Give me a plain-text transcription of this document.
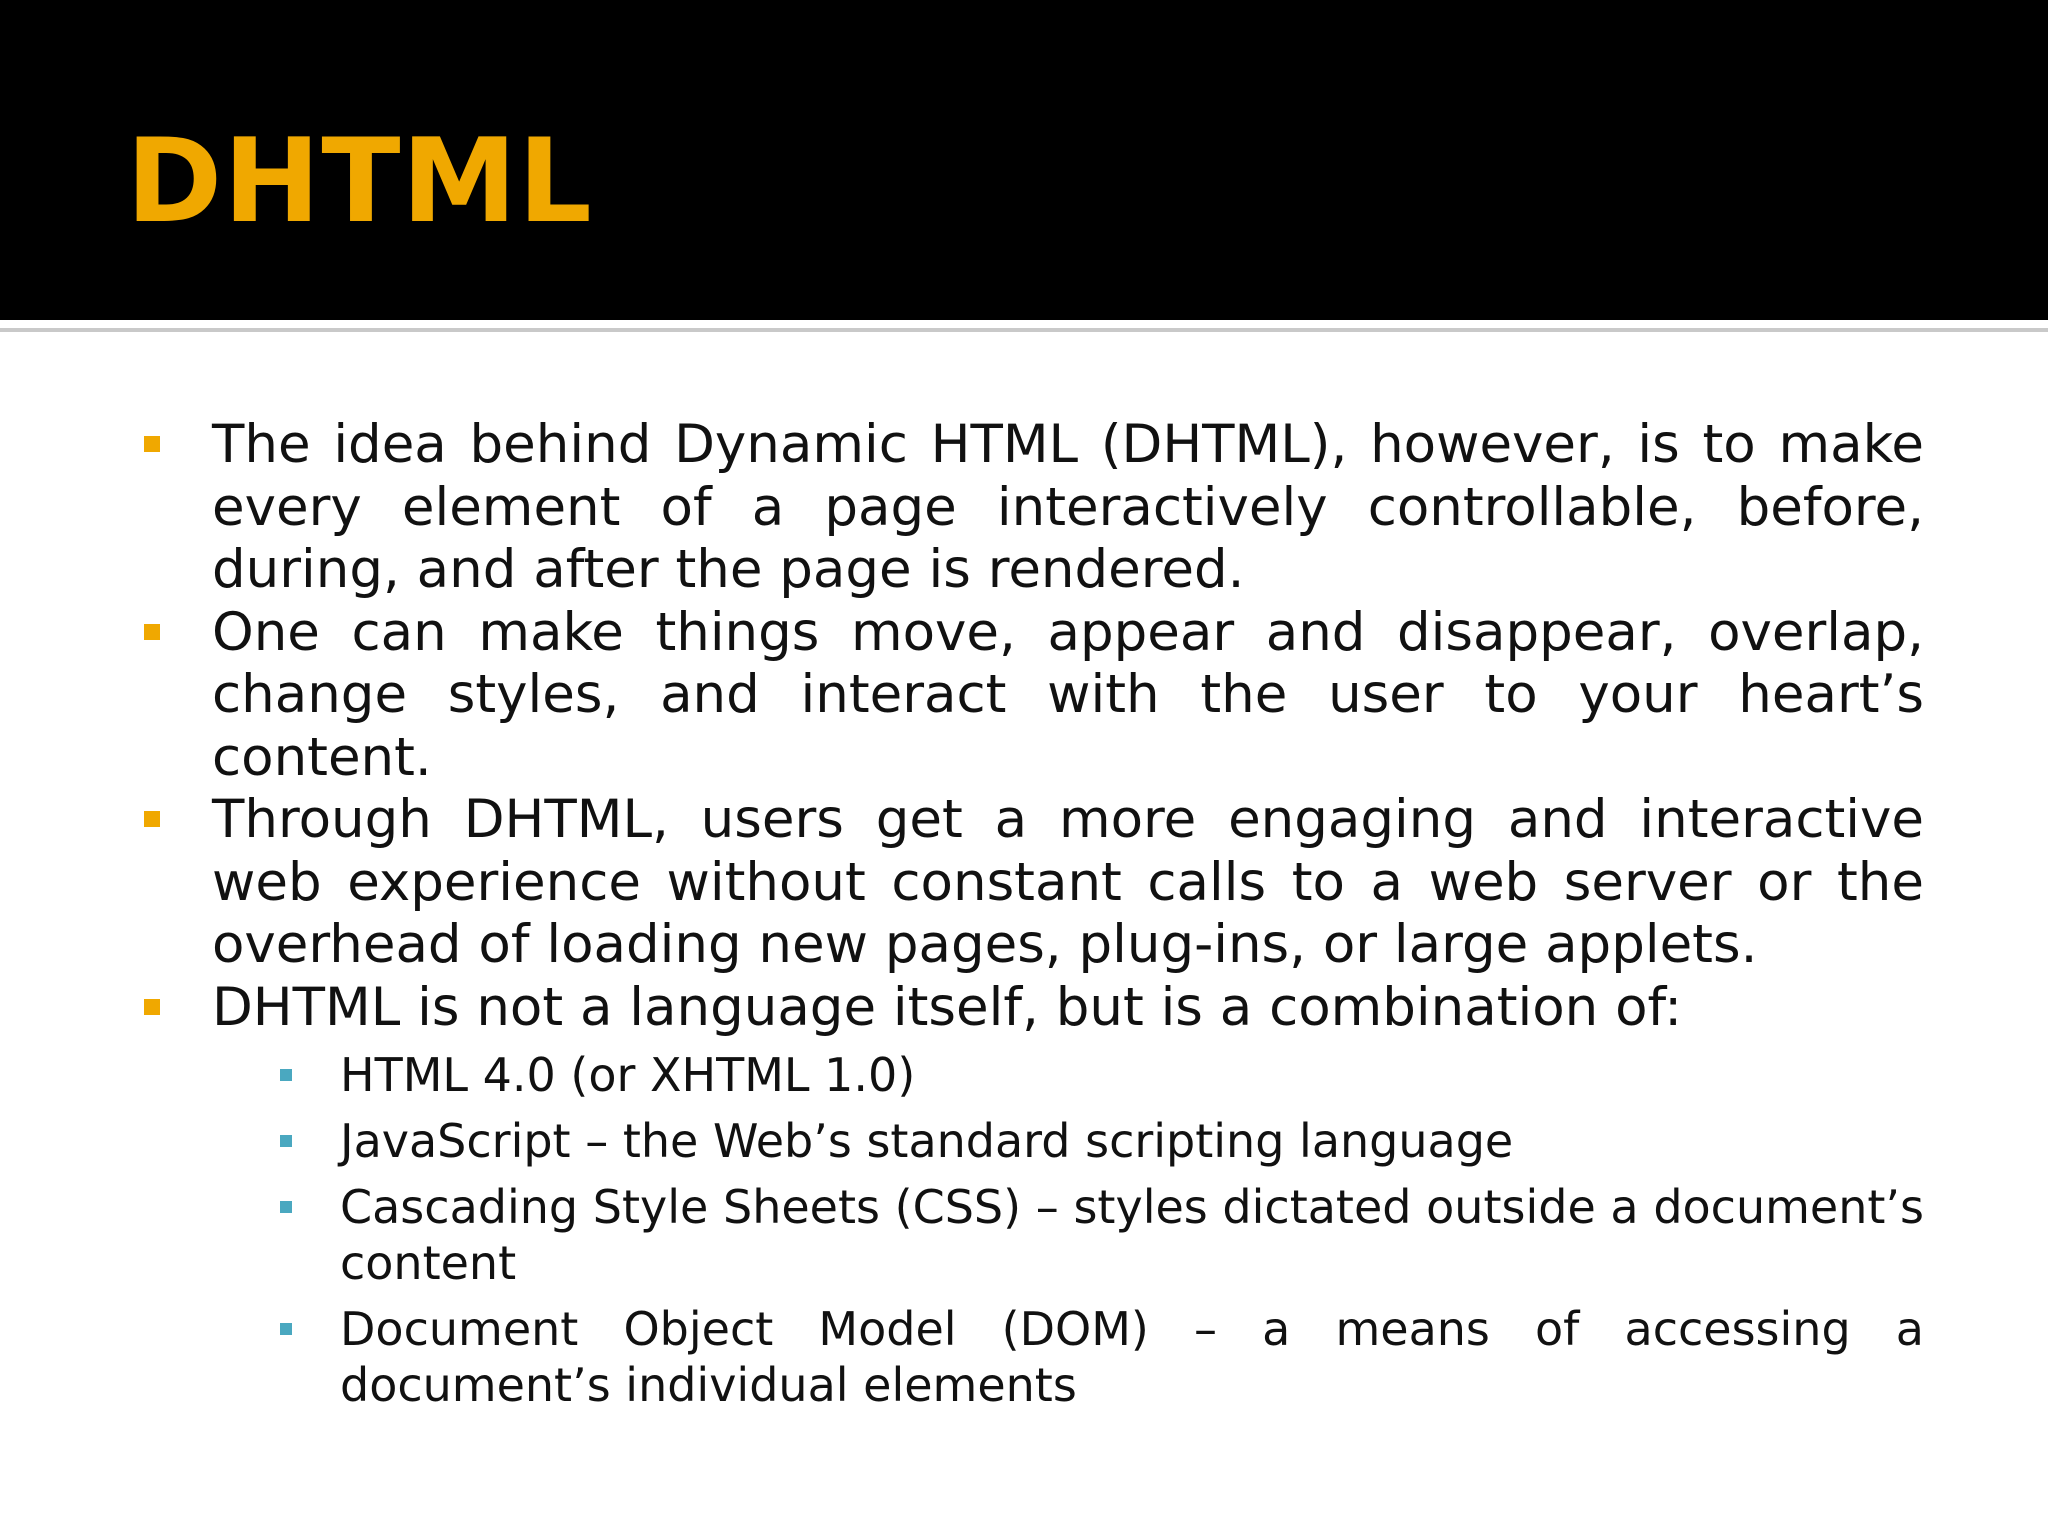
DHTML
The idea behind Dynamic HTML (DHTML), however, is to make every element of a page interactively controllable, before, during, and after the page is rendered.
One can make things move, appear and disappear, overlap, change styles, and interact with the user to your heart’s content.
Through DHTML, users get a more engaging and interactive web experience without constant calls to a web server or the overhead of loading new pages, plug-ins, or large applets.
DHTML is not a language itself, but is a combination of:
HTML 4.0 (or XHTML 1.0)
JavaScript – the Web’s standard scripting language
Cascading Style Sheets (CSS) – styles dictated outside a document’s content
Document Object Model (DOM) – a means of accessing a document’s individual elements
